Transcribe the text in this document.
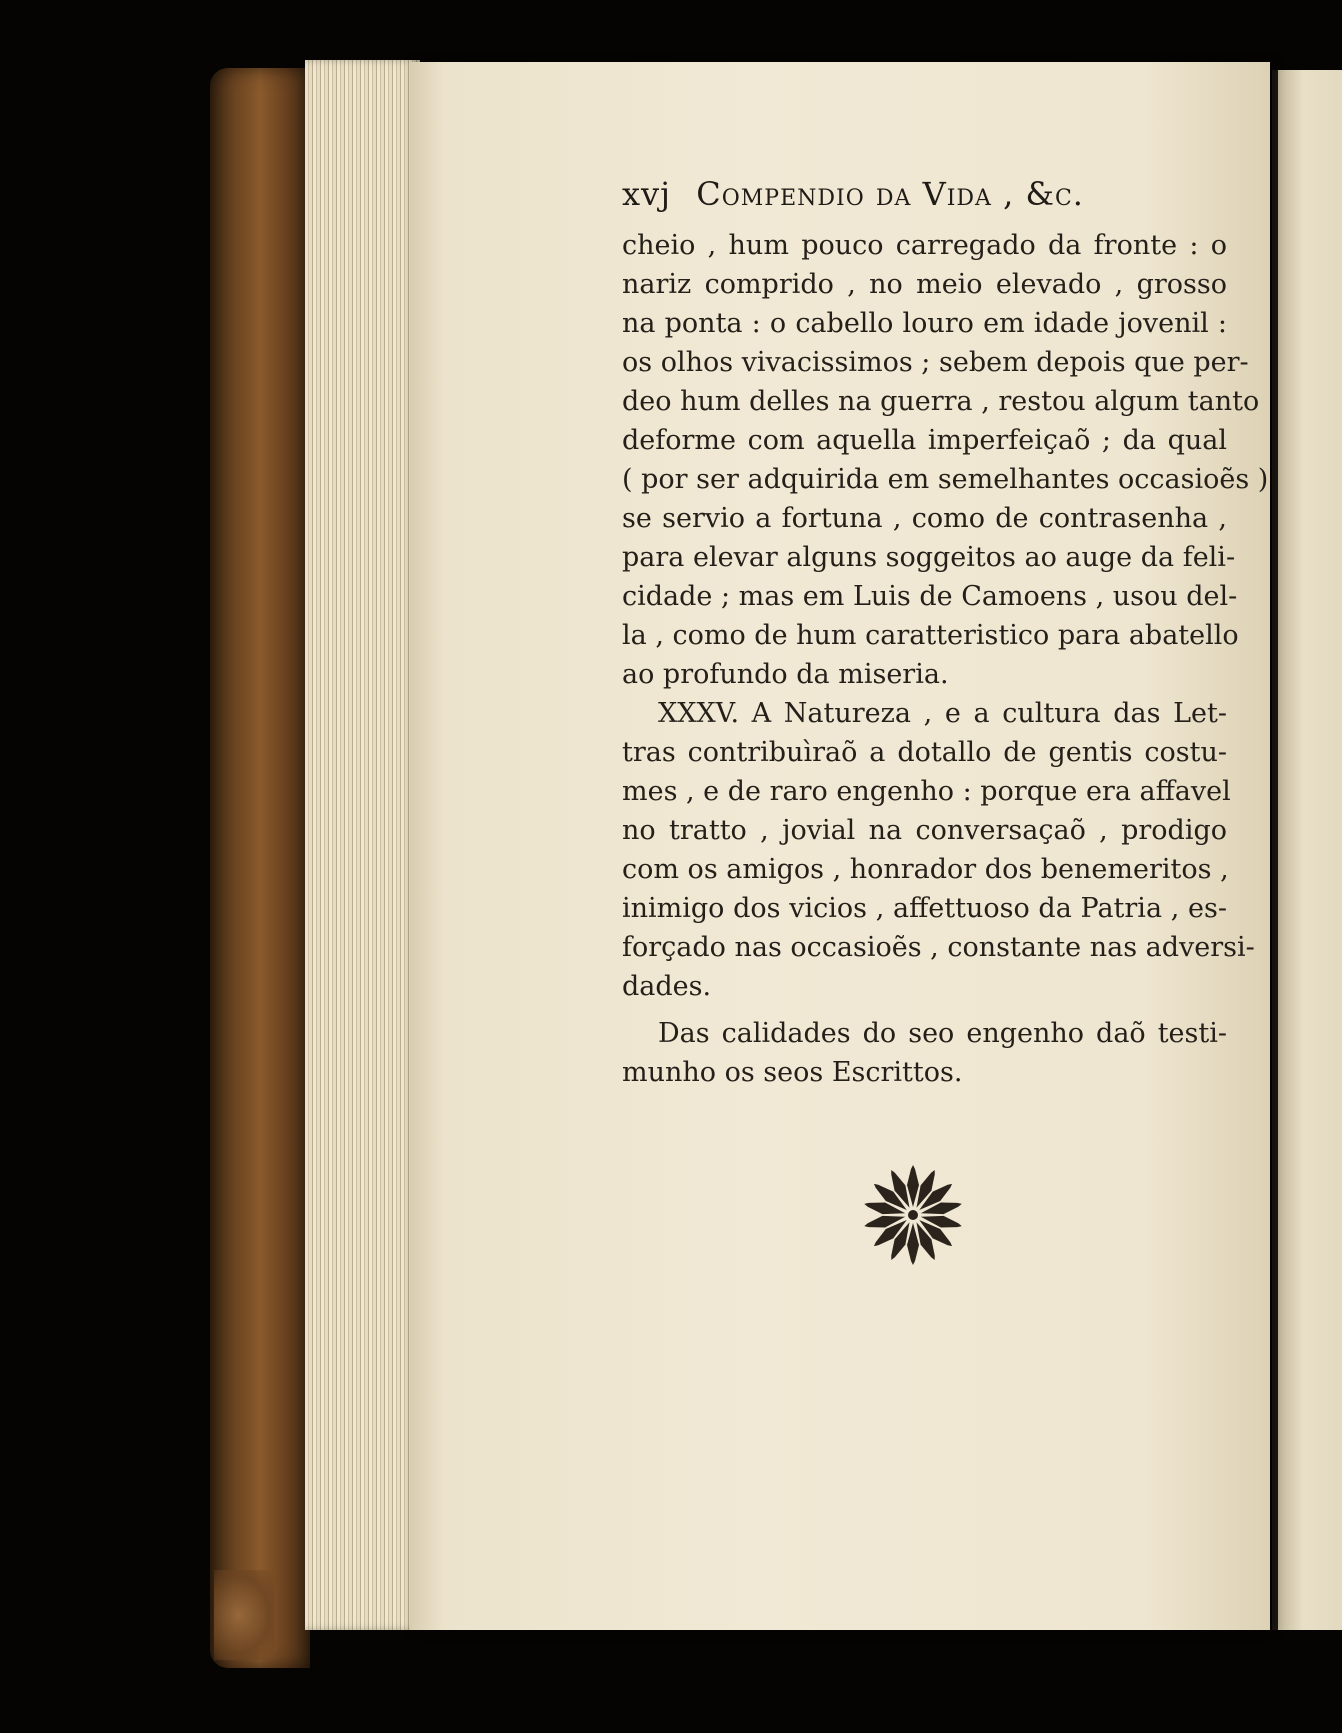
xvj Compendio da Vida , &c.
cheio , hum pouco carregado da fronte : o
nariz comprido , no meio elevado , grosso
na ponta : o cabello louro em idade jovenil :
os olhos vivacissimos ; sebem depois que per-
deo hum delles na guerra , restou algum tanto
deforme com aquella imperfeiçaõ ; da qual
( por ser adquirida em semelhantes occasioẽs )
se servio a fortuna , como de contrasenha ,
para elevar alguns soggeitos ao auge da feli-
cidade ; mas em Luis de Camoens , usou del-
la , como de hum caratteristico para abatello
ao profundo da miseria.
XXXV. A Natureza , e a cultura das Let-
tras contribuìraõ a dotallo de gentis costu-
mes , e de raro engenho : porque era affavel
no tratto , jovial na conversaçaõ , prodigo
com os amigos , honrador dos benemeritos ,
inimigo dos vicios , affettuoso da Patria , es-
forçado nas occasioẽs , constante nas adversi-
dades.
Das calidades do seo engenho daõ testi-
munho os seos Escrittos.
